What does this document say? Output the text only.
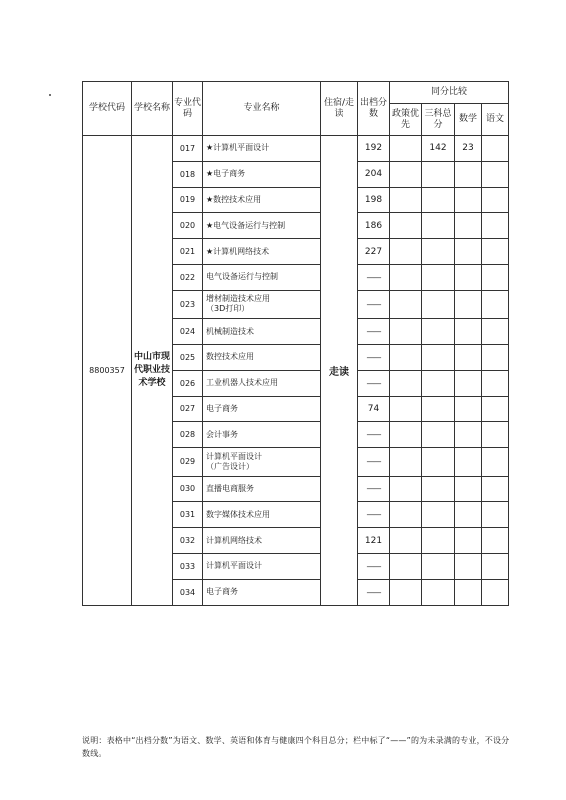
学校代码	学校名称	专业代码	专业名称	住宿/走读	出档分数	同分比较			
						政策优先	三科总分	数学	语文
8800357	中山市现代职业技术学校	017	★计算机平面设计	走读	192		142	23	
		018	★电子商务		204				
		019	★数控技术应用		198				
		020	★电气设备运行与控制		186				
		021	★计算机网络技术		227				
		022	电气设备运行与控制		——				
		023	增材制造技术应用
（3D打印）		——				
		024	机械制造技术		——				
		025	数控技术应用		——				
		026	工业机器人技术应用		——				
		027	电子商务		74				
		028	会计事务		——				
		029	计算机平面设计
（广告设计）		——				
		030	直播电商服务		——				
		031	数字媒体技术应用		——				
		032	计算机网络技术		121				
		033	计算机平面设计		——				
		034	电子商务		——				
说明：表格中“出档分数”为语文、数学、英语和体育与健康四个科目总分；栏中标了“——”的为未录满的专业，不设分数线。
